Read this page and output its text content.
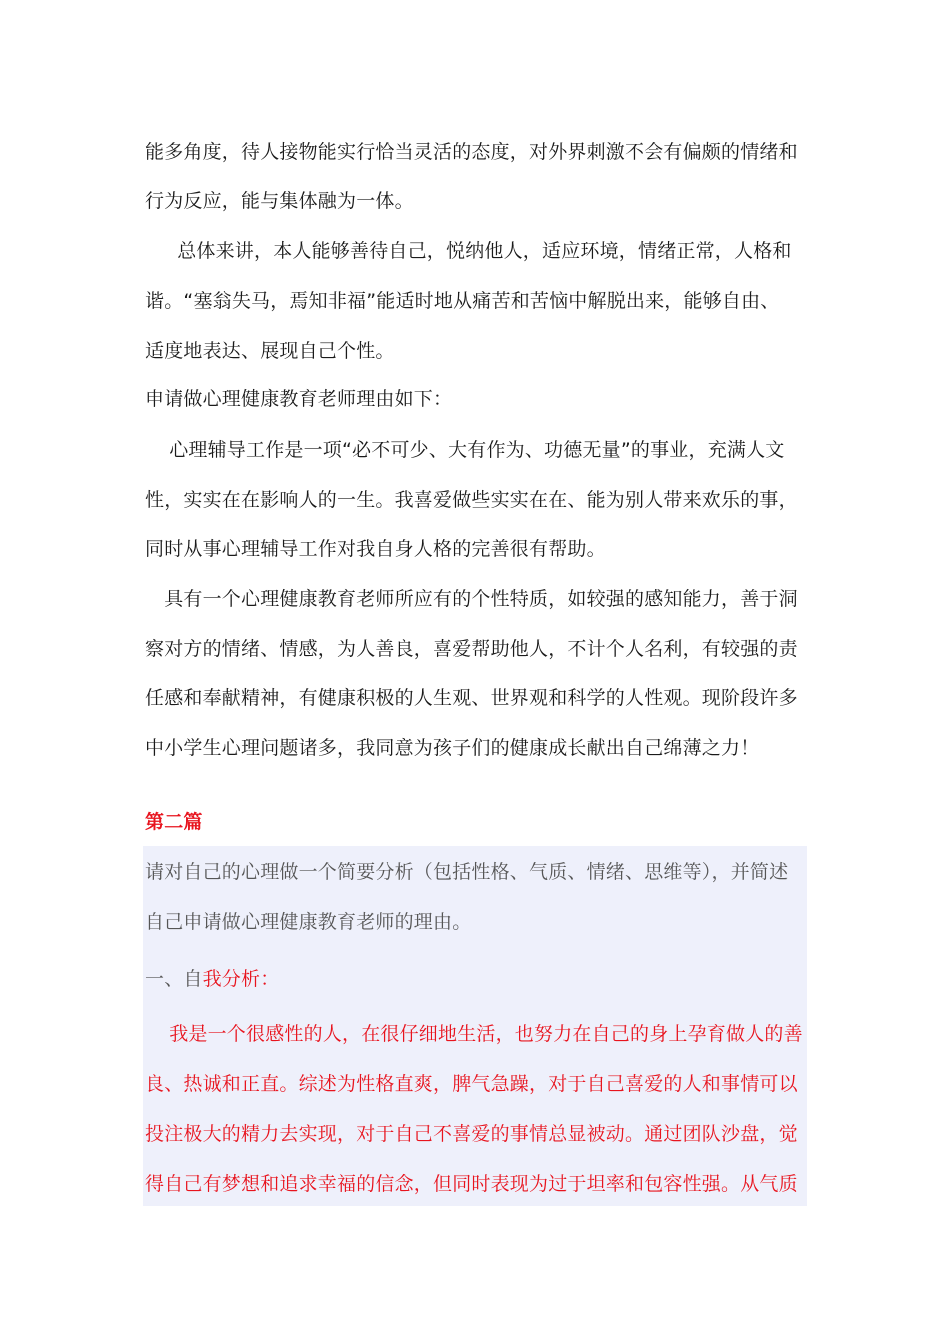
能多角度，待人接物能实行恰当灵活的态度，对外界刺激不会有偏颇的情绪和
行为反应，能与集体融为一体。
　总体来讲，本人能够善待自己，悦纳他人，适应环境，情绪正常，人格和
谐。“塞翁失马，焉知非福”能适时地从痛苦和苦恼中解脱出来，能够自由、
适度地表达、展现自己个性。
申请做心理健康教育老师理由如下：
　心理辅导工作是一项“必不可少、大有作为、功德无量”的事业，充满人文
性，实实在在影响人的一生。我喜爱做些实实在在、能为别人带来欢乐的事，
同时从事心理辅导工作对我自身人格的完善很有帮助。
　具有一个心理健康教育老师所应有的个性特质，如较强的感知能力，善于洞
察对方的情绪、情感，为人善良，喜爱帮助他人，不计个人名利，有较强的责
任感和奉献精神，有健康积极的人生观、世界观和科学的人性观。现阶段许多
中小学生心理问题诸多，我同意为孩子们的健康成长献出自己绵薄之力！
第二篇
请对自己的心理做一个简要分析（包括性格、气质、情绪、思维等），并简述
自己申请做心理健康教育老师的理由。
一、自我分析：
　我是一个很感性的人，在很仔细地生活，也努力在自己的身上孕育做人的善
良、热诚和正直。综述为性格直爽，脾气急躁，对于自己喜爱的人和事情可以
投注极大的精力去实现，对于自己不喜爱的事情总显被动。通过团队沙盘，觉
得自己有梦想和追求幸福的信念，但同时表现为过于坦率和包容性强。从气质
